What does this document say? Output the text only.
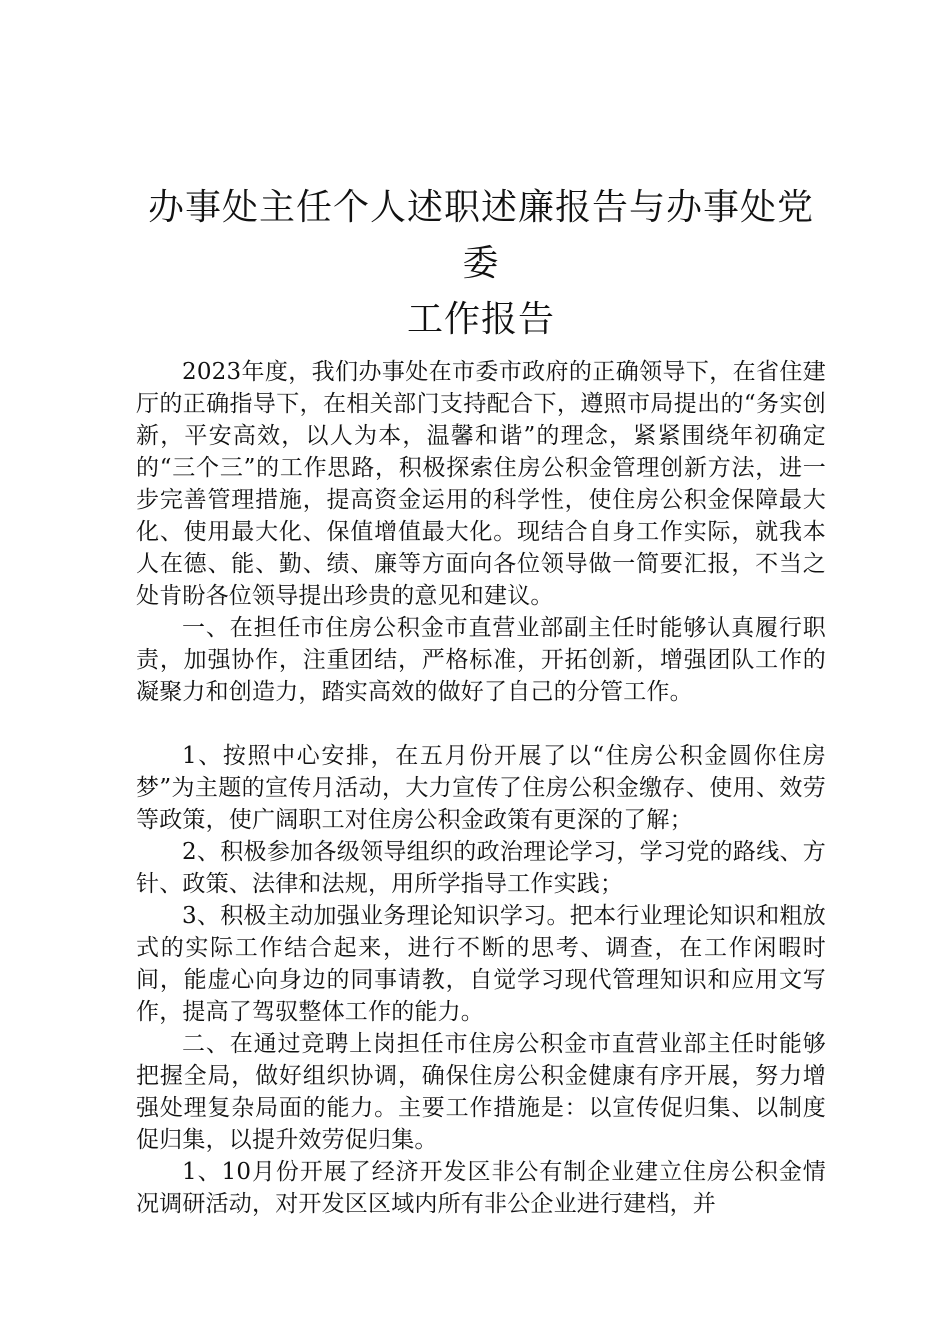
办事处主任个人述职述廉报告与办事处党委
工作报告

2023年度，我们办事处在市委市政府的正确领导下，在省住建厅的正确指导下，在相关部门支持配合下，遵照市局提出的“务实创新，平安高效，以人为本，温馨和谐”的理念，紧紧围绕年初确定的“三个三”的工作思路，积极探索住房公积金管理创新方法，进一步完善管理措施，提高资金运用的科学性，使住房公积金保障最大化、使用最大化、保值增值最大化。现结合自身工作实际，就我本人在德、能、勤、绩、廉等方面向各位领导做一简要汇报，不当之处肯盼各位领导提出珍贵的意见和建议。

一、在担任市住房公积金市直营业部副主任时能够认真履行职责，加强协作，注重团结，严格标准，开拓创新，增强团队工作的凝聚力和创造力，踏实高效的做好了自己的分管工作。

1、按照中心安排，在五月份开展了以“住房公积金圆你住房梦”为主题的宣传月活动，大力宣传了住房公积金缴存、使用、效劳等政策，使广阔职工对住房公积金政策有更深的了解；

2、积极参加各级领导组织的政治理论学习，学习党的路线、方针、政策、法律和法规，用所学指导工作实践；

3、积极主动加强业务理论知识学习。把本行业理论知识和粗放式的实际工作结合起来，进行不断的思考、调查，在工作闲暇时间，能虚心向身边的同事请教，自觉学习现代管理知识和应用文写作，提高了驾驭整体工作的能力。

二、在通过竞聘上岗担任市住房公积金市直营业部主任时能够把握全局，做好组织协调，确保住房公积金健康有序开展，努力增强处理复杂局面的能力。主要工作措施是：以宣传促归集、以制度促归集，以提升效劳促归集。

1、10月份开展了经济开发区非公有制企业建立住房公积金情况调研活动，对开发区区域内所有非公企业进行建档，并
